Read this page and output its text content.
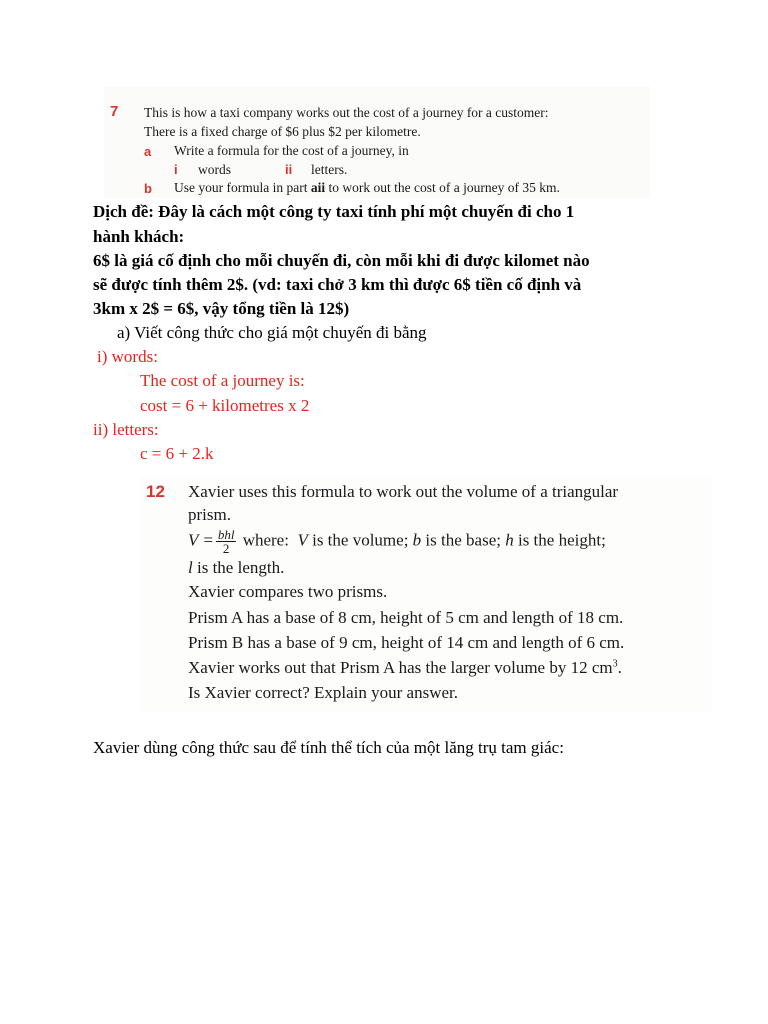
7 This is how a taxi company works out the cost of a journey for a customer:
There is a fixed charge of $6 plus $2 per kilometre.
a Write a formula for the cost of a journey, in
i words	ii letters.
b Use your formula in part aii to work out the cost of a journey of 35 km.
Dịch đề: Đây là cách một công ty taxi tính phí một chuyến đi cho 1
hành khách:
6$ là giá cố định cho mỗi chuyến đi, còn mỗi khi đi được kilomet nào
sẽ được tính thêm 2$. (vd: taxi chở 3 km thì được 6$ tiền cố định và
3km x 2$ = 6$, vậy tổng tiền là 12$)
a) Viết công thức cho giá một chuyến đi bằng
i) words:
The cost of a journey is:
cost = 6 + kilometres x 2
ii) letters:
c = 6 + 2.k
12 Xavier uses this formula to work out the volume of a triangular
prism.
$V = \frac{\text{bhl}}{2}$ where: V is the volume; b is the base; h is the height;
l is the length.
Xavier compares two prisms.
Prism A has a base of 8 cm, height of 5 cm and length of 18 cm.
Prism B has a base of 9 cm, height of 14 cm and length of 6 cm.
Xavier works out that Prism A has the larger volume by 12 $cm^3$.
Is Xavier correct? Explain your answer.
Xavier dùng công thức sau để tính thể tích của một lăng trụ tam giác:
